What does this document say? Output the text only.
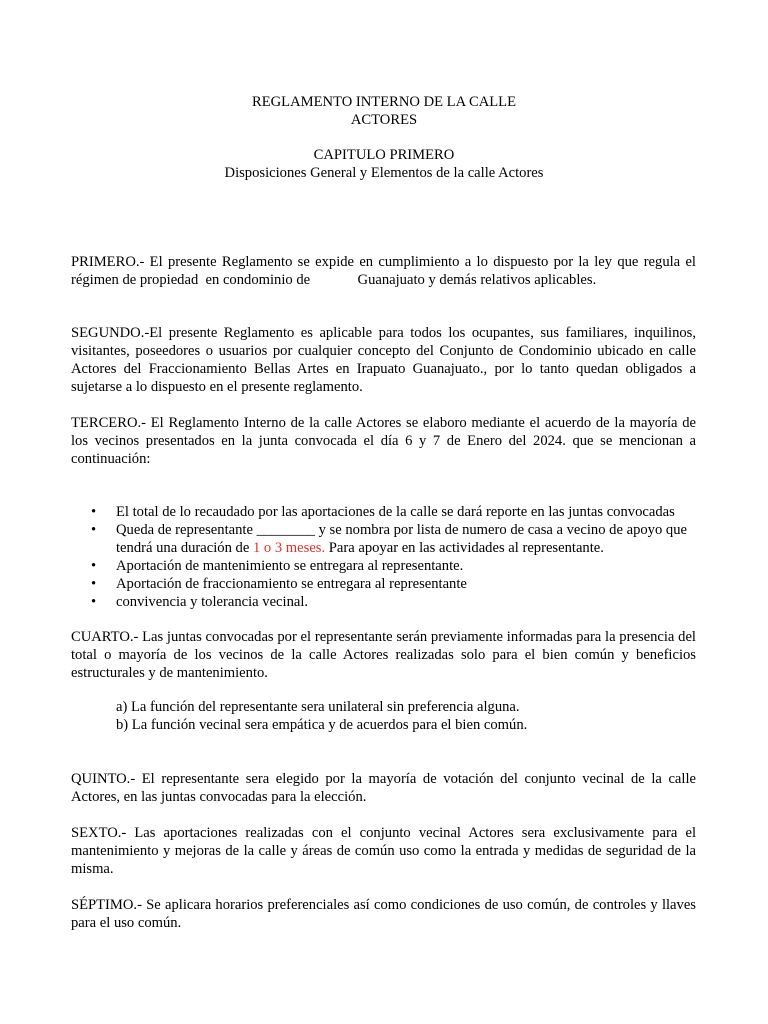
REGLAMENTO INTERNO DE LA CALLE
ACTORES
CAPITULO PRIMERO
Disposiciones General y Elementos de la calle Actores

PRIMERO.- El presente Reglamento se expide en cumplimiento a lo dispuesto por la ley que regula el régimen de propiedad  en condominio de             Guanajuato y demás relativos aplicables.

SEGUNDO.-El presente Reglamento es aplicable para todos los ocupantes, sus familiares, inquilinos, visitantes, poseedores o usuarios por cualquier concepto del Conjunto de Condominio ubicado en calle Actores del Fraccionamiento Bellas Artes en Irapuato Guanajuato., por lo tanto quedan obligados a sujetarse a lo dispuesto en el presente reglamento.

TERCERO.- El Reglamento Interno de la calle Actores se elaboro mediante el acuerdo de la mayoría de los vecinos presentados en la junta convocada el día 6 y 7 de Enero del 2024. que se mencionan a continuación:

• El total de lo recaudado por las aportaciones de la calle se dará reporte en las juntas convocadas
• Queda de representante ________ y se nombra por lista de numero de casa a vecino de apoyo que tendrá una duración de 1 o 3 meses. Para apoyar en las actividades al representante.
• Aportación de mantenimiento se entregara al representante.
• Aportación de fraccionamiento se entregara al representante
• convivencia y tolerancia vecinal.

CUARTO.- Las juntas convocadas por el representante serán previamente informadas para la presencia del total o mayoría de los vecinos de la calle Actores realizadas solo para el bien común y beneficios estructurales y de mantenimiento.

a) La función del representante sera unilateral sin preferencia alguna.
b) La función vecinal sera empática y de acuerdos para el bien común.

QUINTO.- El representante sera elegido por la mayoría de votación del conjunto vecinal de la calle Actores, en las juntas convocadas para la elección.

SEXTO.- Las aportaciones realizadas con el conjunto vecinal Actores sera exclusivamente para el mantenimiento y mejoras de la calle y áreas de común uso como la entrada y medidas de seguridad de la misma.

SÉPTIMO.- Se aplicara horarios preferenciales así como condiciones de uso común, de controles y llaves para el uso común.
